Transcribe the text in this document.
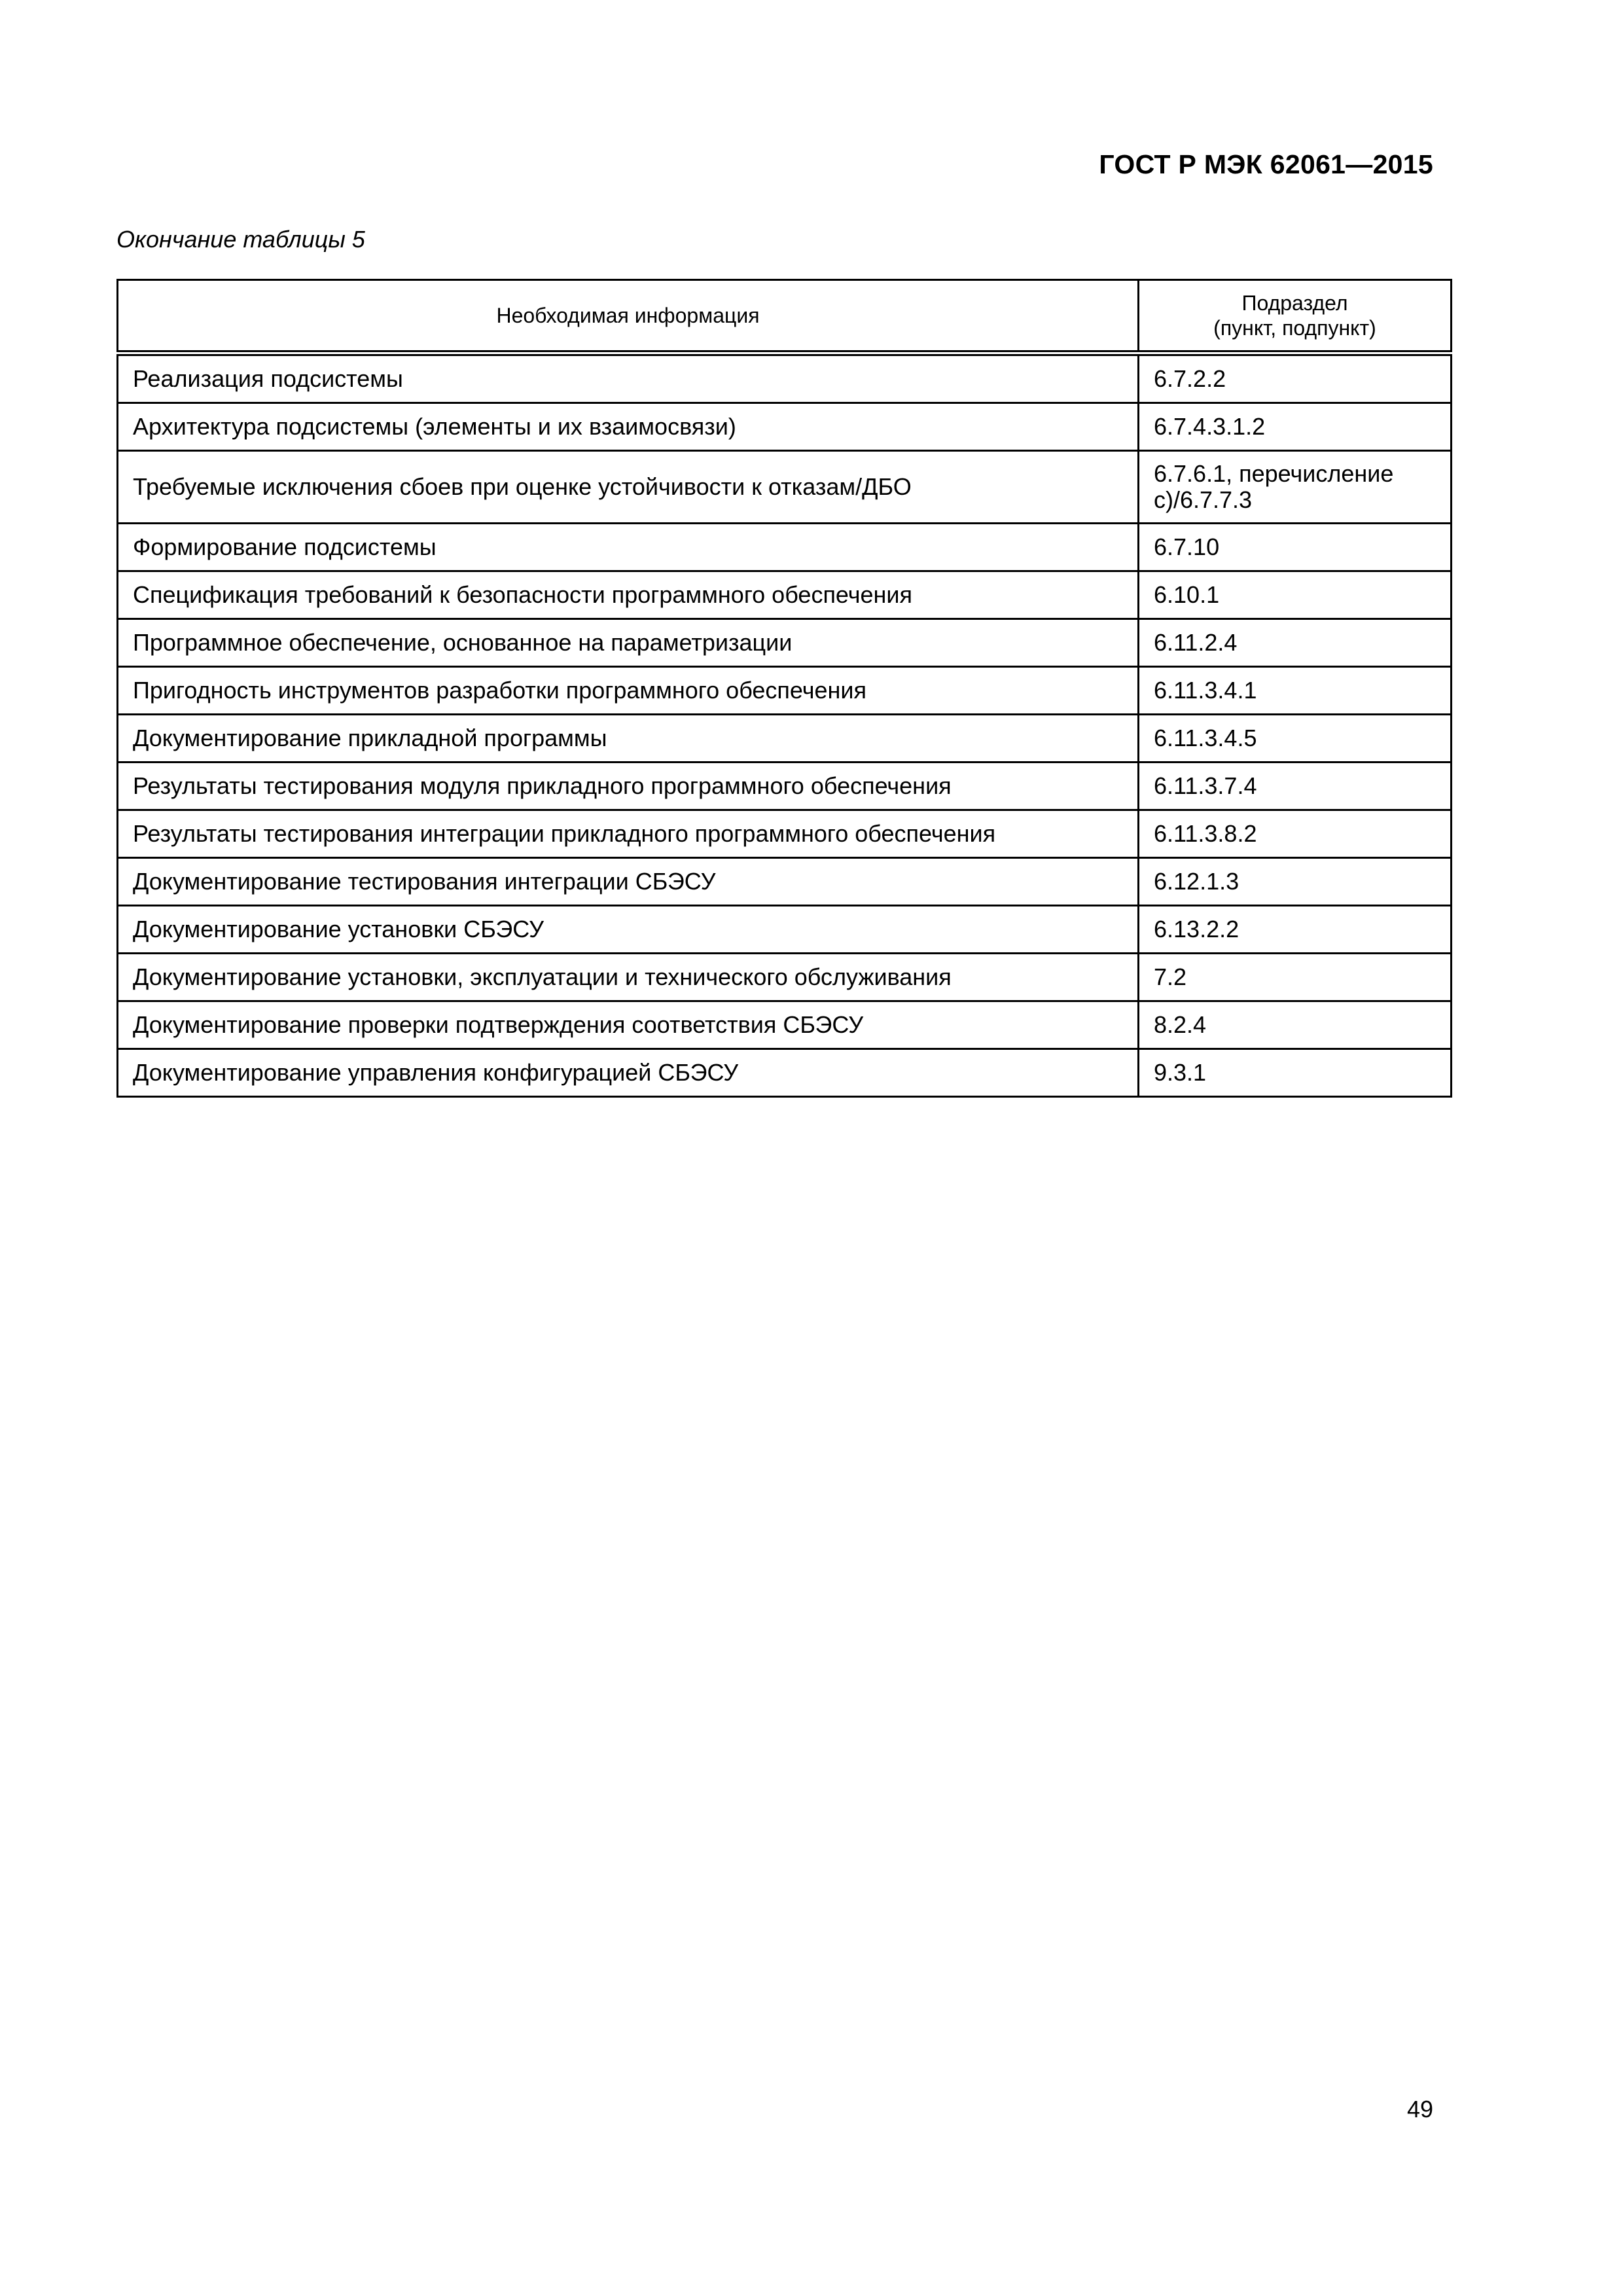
ГОСТ Р МЭК 62061—2015
Окончание таблицы 5
Необходимая информация	Подраздел
(пункт, подпункт)

Реализация подсистемы	6.7.2.2
Архитектура подсистемы (элементы и их взаимосвязи)	6.7.4.3.1.2
Требуемые исключения сбоев при оценке устойчивости к отказам/ДБО	6.7.6.1, перечисление
с)/6.7.7.3

Формирование подсистемы	6.7.10
Спецификация требований к безопасности программного обеспечения	6.10.1
Программное обеспечение, основанное на параметризации	6.11.2.4
Пригодность инструментов разработки программного обеспечения	6.11.3.4.1
Документирование прикладной программы	6.11.3.4.5
Результаты тестирования модуля прикладного программного обеспечения	6.11.3.7.4
Результаты тестирования интеграции прикладного программного обеспечения	6.11.3.8.2
Документирование тестирования интеграции СБЭСУ	6.12.1.3
Документирование установки СБЭСУ	6.13.2.2
Документирование установки, эксплуатации и технического обслуживания	7.2
Документирование проверки подтверждения соответствия СБЭСУ	8.2.4
Документирование управления конфигурацией СБЭСУ	9.3.1
49
